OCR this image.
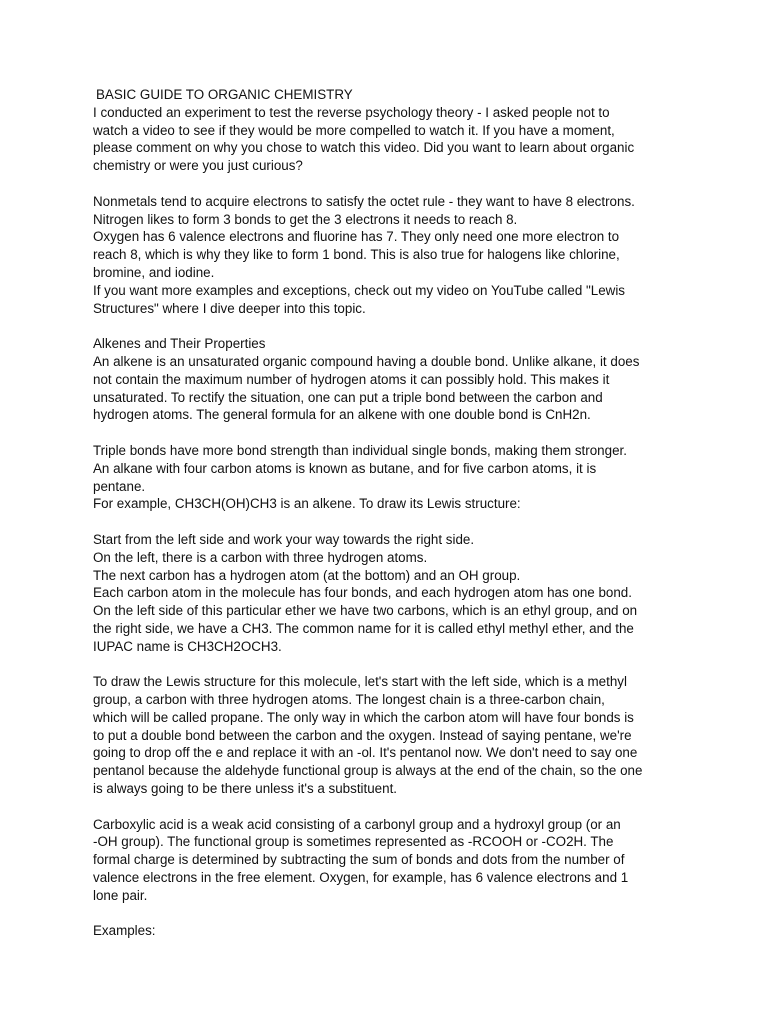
BASIC GUIDE TO ORGANIC CHEMISTRY
I conducted an experiment to test the reverse psychology theory - I asked people not to
watch a video to see if they would be more compelled to watch it. If you have a moment,
please comment on why you chose to watch this video. Did you want to learn about organic
chemistry or were you just curious?
Nonmetals tend to acquire electrons to satisfy the octet rule - they want to have 8 electrons.
Nitrogen likes to form 3 bonds to get the 3 electrons it needs to reach 8.
Oxygen has 6 valence electrons and fluorine has 7. They only need one more electron to
reach 8, which is why they like to form 1 bond. This is also true for halogens like chlorine,
bromine, and iodine.
If you want more examples and exceptions, check out my video on YouTube called "Lewis
Structures" where I dive deeper into this topic.
Alkenes and Their Properties
An alkene is an unsaturated organic compound having a double bond. Unlike alkane, it does
not contain the maximum number of hydrogen atoms it can possibly hold. This makes it
unsaturated. To rectify the situation, one can put a triple bond between the carbon and
hydrogen atoms. The general formula for an alkene with one double bond is CnH2n.
Triple bonds have more bond strength than individual single bonds, making them stronger.
An alkane with four carbon atoms is known as butane, and for five carbon atoms, it is
pentane.
For example, CH3CH(OH)CH3 is an alkene. To draw its Lewis structure:
Start from the left side and work your way towards the right side.
On the left, there is a carbon with three hydrogen atoms.
The next carbon has a hydrogen atom (at the bottom) and an OH group.
Each carbon atom in the molecule has four bonds, and each hydrogen atom has one bond.
On the left side of this particular ether we have two carbons, which is an ethyl group, and on
the right side, we have a CH3. The common name for it is called ethyl methyl ether, and the
IUPAC name is CH3CH2OCH3.
To draw the Lewis structure for this molecule, let's start with the left side, which is a methyl
group, a carbon with three hydrogen atoms. The longest chain is a three-carbon chain,
which will be called propane. The only way in which the carbon atom will have four bonds is
to put a double bond between the carbon and the oxygen. Instead of saying pentane, we're
going to drop off the e and replace it with an -ol. It's pentanol now. We don't need to say one
pentanol because the aldehyde functional group is always at the end of the chain, so the one
is always going to be there unless it's a substituent.
Carboxylic acid is a weak acid consisting of a carbonyl group and a hydroxyl group (or an
-OH group). The functional group is sometimes represented as -RCOOH or -CO2H. The
formal charge is determined by subtracting the sum of bonds and dots from the number of
valence electrons in the free element. Oxygen, for example, has 6 valence electrons and 1
lone pair.
Examples:
